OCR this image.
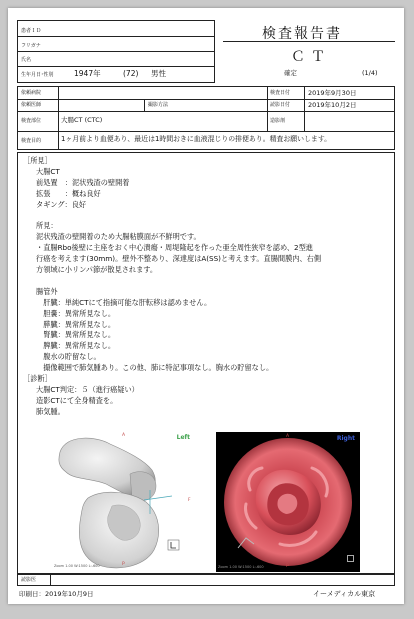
患者ＩＤ
フリガナ
氏名
生年月日･性別	1947年	(72) 男性
検査報告書
ＣＴ
確定	(1/4)
依頼病院
依頼医師	撮影方法
検査部位	大腸CT (CTC)
検査日付	2019年9月30日
読影日付	2019年10月2日
造影剤
検査目的	1ヶ月前より血便あり、最近は1時間おきに血液混じりの排便あり。精査お願いします。
［所見］
大腸CT
前処置　：泥状残渣の壁開着
拡張　　：概ね良好
タギング：良好
所見：
泥状残渣の壁開着のため大腸粘膜面が不鮮明です。
・直腸Rbo後壁に主座をおく中心潰瘍・周堤隆起を作った亜全周性狭窄を認め、2型進
行癌を考えます(30mm)。壁外不整あり、深達度はA(SS)と考えます。直腸間膜内、右側
方領域に小リンパ節が散見されます。
腸管外
　肝臓：単純CTにて指摘可能な肝転移は認めません。
　胆嚢：異常所見なし。
　膵臓：異常所見なし。
　腎臓：異常所見なし。
　脾臓：異常所見なし。
　腹水の貯留なし。
　撮像範囲で肺気腫あり。この他、肺に特記事項なし。胸水の貯留なし。
［診断］
大腸CT判定：５（進行癌疑い）
造影CTにて全身精査を。
肺気腫。
Left
A
P
F
Zoom 1.00 W:1500 L:-600
Right
A
P
Zoom 1.00 W:1500 L:-600
読影医
印刷日：2019年10月9日	イーメディカル東京
